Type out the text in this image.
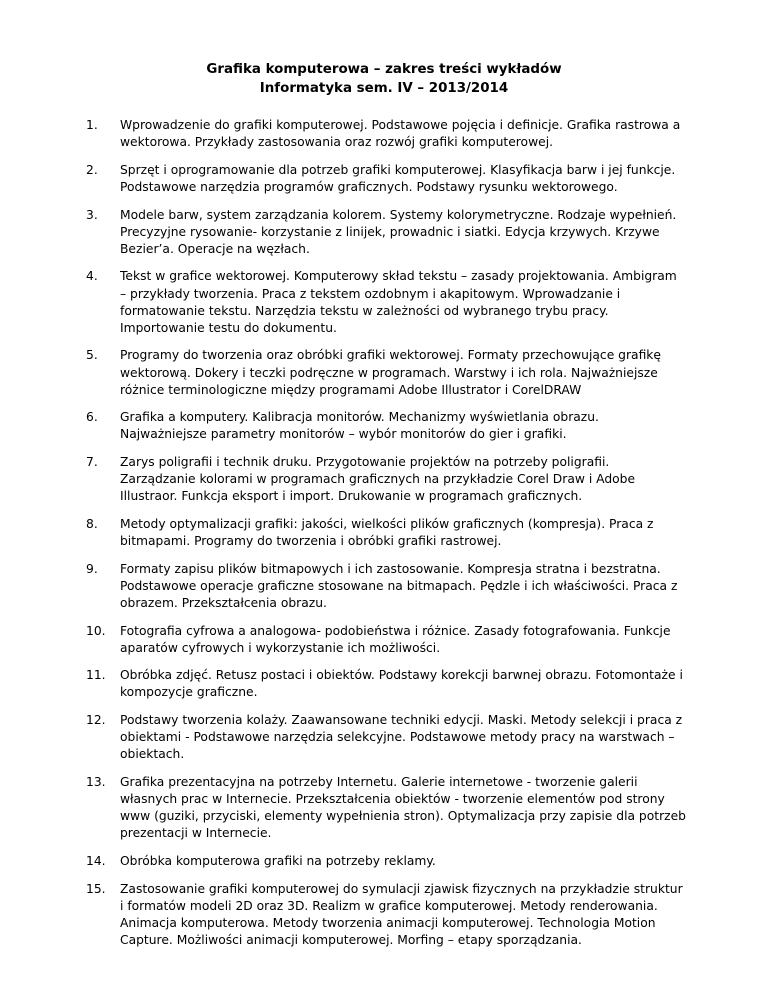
Grafika komputerowa – zakres treści wykładów
Informatyka sem. IV – 2013/2014
1. Wprowadzenie do grafiki komputerowej. Podstawowe pojęcia i definicje. Grafika rastrowa a wektorowa. Przykłady zastosowania oraz rozwój grafiki komputerowej.
2. Sprzęt i oprogramowanie dla potrzeb grafiki komputerowej. Klasyfikacja barw i jej funkcje. Podstawowe narzędzia programów graficznych. Podstawy rysunku wektorowego.
3. Modele barw, system zarządzania kolorem. Systemy kolorymetryczne. Rodzaje wypełnień. Precyzyjne rysowanie- korzystanie z linijek, prowadnic i siatki. Edycja krzywych. Krzywe Bezier’a. Operacje na węzłach.
4. Tekst w grafice wektorowej. Komputerowy skład tekstu – zasady projektowania. Ambigram – przykłady tworzenia. Praca z tekstem ozdobnym i akapitowym. Wprowadzanie i formatowanie tekstu. Narzędzia tekstu w zależności od wybranego trybu pracy. Importowanie testu do dokumentu.
5. Programy do tworzenia oraz obróbki grafiki wektorowej. Formaty przechowujące grafikę wektorową. Dokery i teczki podręczne w programach. Warstwy i ich rola. Najważniejsze różnice terminologiczne między programami Adobe Illustrator i CorelDRAW
6. Grafika a komputery. Kalibracja monitorów. Mechanizmy wyświetlania obrazu. Najważniejsze parametry monitorów – wybór monitorów do gier i grafiki.
7. Zarys poligrafii i technik druku. Przygotowanie projektów na potrzeby poligrafii. Zarządzanie kolorami w programach graficznych na przykładzie Corel Draw i Adobe Illustraor. Funkcja eksport i import. Drukowanie w programach graficznych.
8. Metody optymalizacji grafiki: jakości, wielkości plików graficznych (kompresja). Praca z bitmapami. Programy do tworzenia i obróbki grafiki rastrowej.
9. Formaty zapisu plików bitmapowych i ich zastosowanie. Kompresja stratna i bezstratna. Podstawowe operacje graficzne stosowane na bitmapach. Pędzle i ich właściwości. Praca z obrazem. Przekształcenia obrazu.
10. Fotografia cyfrowa a analogowa- podobieństwa i różnice. Zasady fotografowania. Funkcje aparatów cyfrowych i wykorzystanie ich możliwości.
11. Obróbka zdjęć. Retusz postaci i obiektów. Podstawy korekcji barwnej obrazu. Fotomontaże i kompozycje graficzne.
12. Podstawy tworzenia kolaży. Zaawansowane techniki edycji. Maski. Metody selekcji i praca z obiektami - Podstawowe narzędzia selekcyjne. Podstawowe metody pracy na warstwach – obiektach.
13. Grafika prezentacyjna na potrzeby Internetu. Galerie internetowe - tworzenie galerii własnych prac w Internecie. Przekształcenia obiektów - tworzenie elementów pod strony www (guziki, przyciski, elementy wypełnienia stron). Optymalizacja przy zapisie dla potrzeb prezentacji w Internecie.
14. Obróbka komputerowa grafiki na potrzeby reklamy.
15. Zastosowanie grafiki komputerowej do symulacji zjawisk fizycznych na przykładzie struktur i formatów modeli 2D oraz 3D. Realizm w grafice komputerowej. Metody renderowania. Animacja komputerowa. Metody tworzenia animacji komputerowej. Technologia Motion Capture. Możliwości animacji komputerowej. Morfing – etapy sporządzania.
